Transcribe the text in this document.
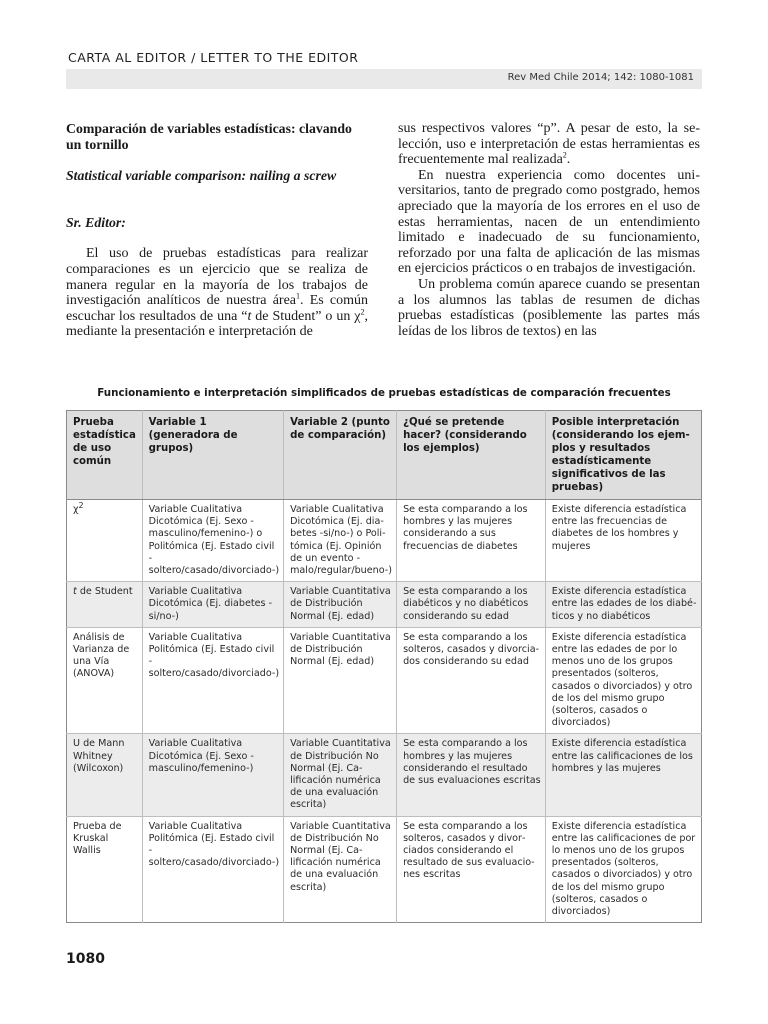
CARTA AL EDITOR / LETTER TO THE EDITOR
Rev Med Chile 2014; 142: 1080-1081
Comparación de variables estadísticas: clavando un tornillo
Statistical variable comparison: nailing a screw
Sr. Editor:

El uso de pruebas estadísticas para realizar comparaciones es un ejercicio que se realiza de manera regular en la mayoría de los trabajos de investigación analíticos de nuestra área$^1$. Es común escuchar los resultados de una “t de Student” o un $\chi^2$, mediante la presentación e interpretación de

sus respectivos valores “p”. A pesar de esto, la selección, uso e interpretación de estas herramientas es frecuentemente mal realizada$^2$.

En nuestra experiencia como docentes universitarios, tanto de pregrado como postgrado, hemos apreciado que la mayoría de los errores en el uso de estas herramientas, nacen de un entendimiento limitado e inadecuado de su funcionamiento, reforzado por una falta de aplicación de las mismas en ejercicios prácticos o en trabajos de investigación.

Un problema común aparece cuando se presentan a los alumnos las tablas de resumen de dichas pruebas estadísticas (posiblemente las partes más leídas de los libros de textos) en las

Funcionamiento e interpretación simplificados de pruebas estadísticas de comparación frecuentes
Prueba estadística de uso común	Variable 1 (generadora de grupos)	Variable 2 (punto de comparación)	¿Qué se pretende hacer? (considerando los ejemplos)	Posible interpretación (considerando los ejemplos y resultados estadísticamente significativos de las pruebas)
$\chi^2$	Variable Cualitativa Dicotómica (Ej. Sexo -masculino/femenino-) o Politómica (Ej. Estado civil -soltero/casado/divorciado-)	Variable Cualitativa Dicotómica (Ej. diabetes -si/no-) o Politómica (Ej. Opinión de un evento -malo/regular/bueno-)	Se esta comparando a los hombres y las mujeres considerando a sus frecuencias de diabetes	Existe diferencia estadística entre las frecuencias de diabetes de los hombres y mujeres
t de Student	Variable Cualitativa Dicotómica (Ej. diabetes -si/no-)	Variable Cuantitativa de Distribución Normal (Ej. edad)	Se esta comparando a los diabéticos y no diabéticos considerando su edad	Existe diferencia estadística entre las edades de los diabéticos y no diabéticos
Análisis de Varianza de una Vía (ANOVA)	Variable Cualitativa Politómica (Ej. Estado civil -soltero/casado/divorciado-)	Variable Cuantitativa de Distribución Normal (Ej. edad)	Se esta comparando a los solteros, casados y divorciados considerando su edad	Existe diferencia estadística entre las edades de por lo menos uno de los grupos presentados (solteros, casados o divorciados) y otro de los del mismo grupo (solteros, casados o divorciados)
U de Mann Whitney (Wilcoxon)	Variable Cualitativa Dicotómica (Ej. Sexo -masculino/femenino-)	Variable Cuantitativa de Distribución No Normal (Ej. Calificación numérica de una evaluación escrita)	Se esta comparando a los hombres y las mujeres considerando el resultado de sus evaluaciones escritas	Existe diferencia estadística entre las calificaciones de los hombres y las mujeres
Prueba de Kruskal Wallis	Variable Cualitativa Politómica (Ej. Estado civil -soltero/casado/divorciado-)	Variable Cuantitativa de Distribución No Normal (Ej. Calificación numérica de una evaluación escrita)	Se esta comparando a los solteros, casados y divorciados considerando el resultado de sus evaluaciones escritas	Existe diferencia estadística entre las calificaciones de por lo menos uno de los grupos presentados (solteros, casados o divorciados) y otro de los del mismo grupo (solteros, casados o divorciados)
1080
